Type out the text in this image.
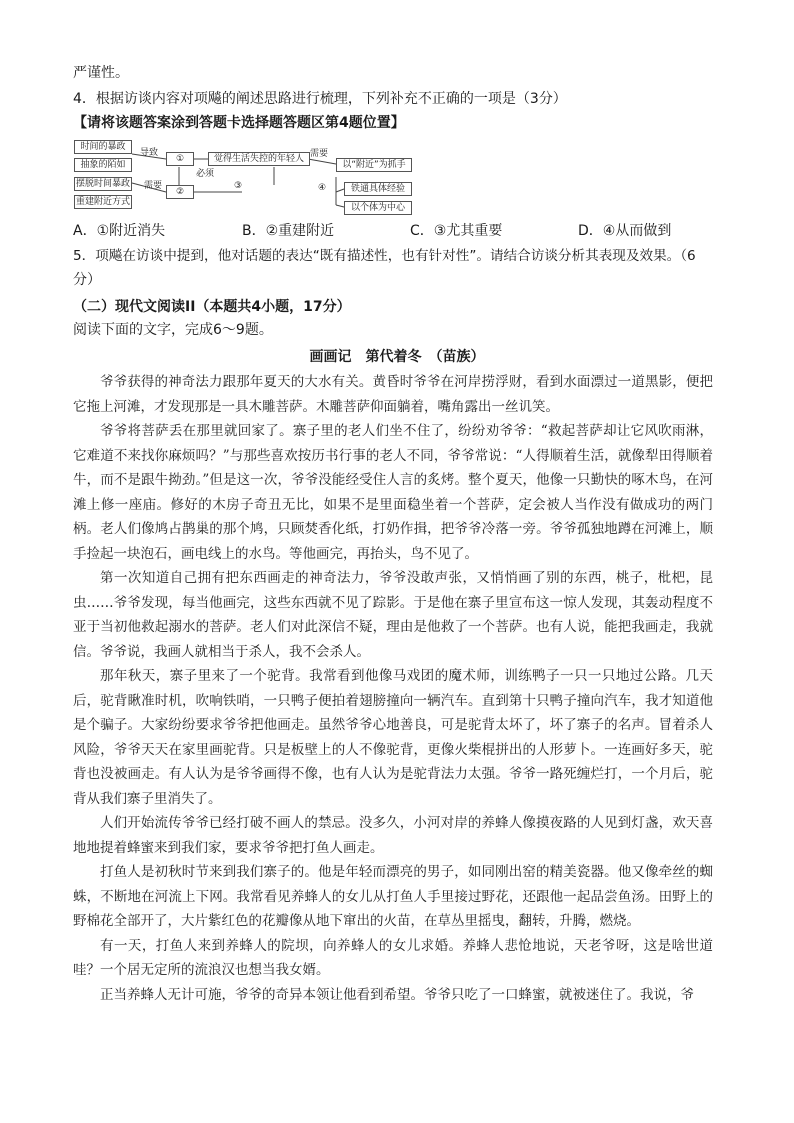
严谨性。
4．根据访谈内容对项飚的阐述思路进行梳理，下列补充不正确的一项是（3分）
【请将该题答案涂到答题卡选择题答题区第4题位置】
时间的暴政
抽象的陌如
摆脱时间暴政
重建附近方式
导致
需要
必须
需要
①
②
觉得生活失控的年轻人
③
以“附近”为抓手
④	铁通具体经验
以个体为中心
A．①附近消失	B．②重建附近	C．③尤其重要	D．④从而做到
5．项飚在访谈中提到，他对话题的表达“既有描述性，也有针对性”。请结合访谈分析其表现及效果。（6
分）
（二）现代文阅读II（本题共4小题，17分）
阅读下面的文字，完成6～9题。
画画记　第代着冬　（苗族）
爷爷获得的神奇法力跟那年夏天的大水有关。黄昏时爷爷在河岸捞浮财，看到水面漂过一道黑影，便把它拖上河滩，才发现那是一具木雕菩萨。木雕菩萨仰面躺着，嘴角露出一丝讥笑。
爷爷将菩萨丢在那里就回家了。寨子里的老人们坐不住了，纷纷劝爷爷：“救起菩萨却让它风吹雨淋，它难道不来找你麻烦吗？”与那些喜欢按历书行事的老人不同，爷爷常说：“人得顺着生活，就像犁田得顺着牛，而不是跟牛拗劲。”但是这一次，爷爷没能经受住人言的炙烤。整个夏天，他像一只勤快的啄木鸟，在河滩上修一座庙。修好的木房子奇丑无比，如果不是里面稳坐着一个菩萨，定会被人当作没有做成功的两门柄。老人们像鸠占鹊巢的那个鸠，只顾焚香化纸，打奶作揖，把爷爷冷落一旁。爷爷孤独地蹲在河滩上，顺手捡起一块泡石，画电线上的水鸟。等他画完，再抬头，鸟不见了。
第一次知道自己拥有把东西画走的神奇法力，爷爷没敢声张，又悄悄画了别的东西，桃子，枇杷，昆虫……爷爷发现，每当他画完，这些东西就不见了踪影。于是他在寨子里宣布这一惊人发现，其轰动程度不亚于当初他救起溺水的菩萨。老人们对此深信不疑，理由是他救了一个菩萨。也有人说，能把我画走，我就信。爷爷说，我画人就相当于杀人，我不会杀人。
那年秋天，寨子里来了一个驼背。我常看到他像马戏团的魔术师，训练鸭子一只一只地过公路。几天后，驼背瞅准时机，吹响铁哨，一只鸭子便拍着翅膀撞向一辆汽车。直到第十只鸭子撞向汽车，我才知道他是个骗子。大家纷纷要求爷爷把他画走。虽然爷爷心地善良，可是驼背太坏了，坏了寨子的名声。冒着杀人风险，爷爷天天在家里画驼背。只是板壁上的人不像驼背，更像火柴棍拼出的人形萝卜。一连画好多天，驼背也没被画走。有人认为是爷爷画得不像，也有人认为是驼背法力太强。爷爷一路死缠烂打，一个月后，驼背从我们寨子里消失了。
人们开始流传爷爷已经打破不画人的禁忌。没多久，小河对岸的养蜂人像摸夜路的人见到灯盏，欢天喜地地提着蜂蜜来到我们家，要求爷爷把打鱼人画走。
打鱼人是初秋时节来到我们寨子的。他是年轻而漂亮的男子，如同刚出窑的精美瓷器。他又像牵丝的蜘蛛，不断地在河流上下网。我常看见养蜂人的女儿从打鱼人手里接过野花，还跟他一起品尝鱼汤。田野上的野棉花全部开了，大片紫红色的花瓣像从地下窜出的火苗，在草丛里摇曳，翻转，升腾，燃烧。
有一天，打鱼人来到养蜂人的院坝，向养蜂人的女儿求婚。养蜂人悲怆地说，天老爷呀，这是啥世道哇？一个居无定所的流浪汉也想当我女婿。
正当养蜂人无计可施，爷爷的奇异本领让他看到希望。爷爷只吃了一口蜂蜜，就被迷住了。我说，爷
